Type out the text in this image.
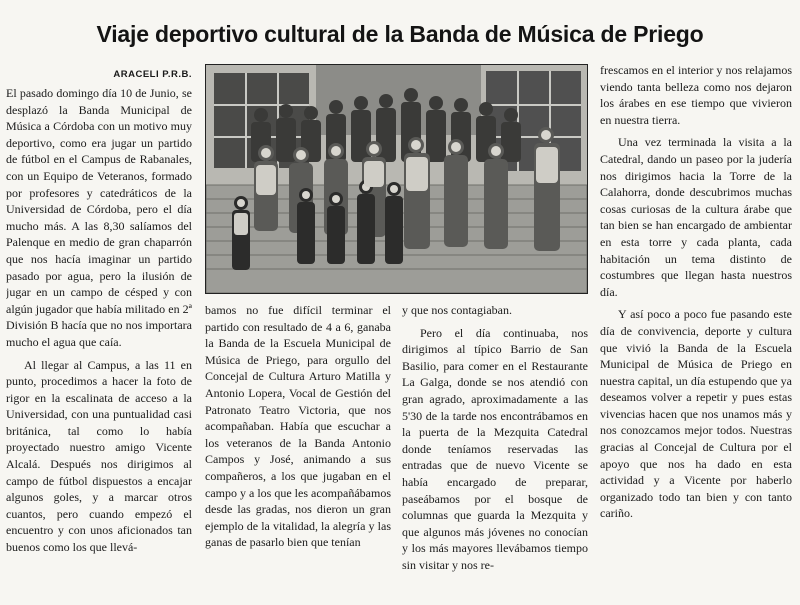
Viaje deportivo cultural de la Banda de Música de Priego
ARACELI P.R.B.

El pasado domingo día 10 de Junio, se desplazó la Banda Municipal de Música a Córdoba con un motivo muy deportivo, como era jugar un partido de fútbol en el Campus de Rabanales, con un Equipo de Veteranos, formado por profesores y catedráticos de la Universidad de Córdoba, pero el día mucho más. A las 8,30 salíamos del Palenque en medio de gran chaparrón que nos hacía imaginar un partido pasado por agua, pero la ilusión de jugar en un campo de césped y con algún jugador que había militado en 2ª División B hacía que no nos importara mucho el agua que caía.

Al llegar al Campus, a las 11 en punto, procedimos a hacer la foto de rigor en la escalinata de acceso a la Universidad, con una puntualidad casi británica, tal como lo había proyectado nuestro amigo Vicente Alcalá. Después nos dirigimos al campo de fútbol dispuestos a encajar algunos goles, y a marcar otros cuantos, pero cuando empezó el encuentro y con unos aficionados tan buenos como los que llevá-

bamos no fue difícil terminar el partido con resultado de 4 a 6, ganaba la Banda de la Escuela Municipal de Música de Priego, para orgullo del Concejal de Cultura Arturo Matilla y Antonio Lopera, Vocal de Gestión del Patronato Teatro Victoria, que nos acompañaban. Había que escuchar a los veteranos de la Banda Antonio Campos y José, animando a sus compañeros, a los que jugaban en el campo y a los que les acompañábamos desde las gradas, nos dieron un gran ejemplo de la vitalidad, la alegría y las ganas de pasarlo bien que tenían

y que nos contagiaban.

Pero el día continuaba, nos dirigimos al típico Barrio de San Basilio, para comer en el Restaurante La Galga, donde se nos atendió con gran agrado, aproximadamente a las 5'30 de la tarde nos encontrábamos en la puerta de la Mezquita Catedral donde teníamos reservadas las entradas que de nuevo Vicente se había encargado de preparar, paseábamos por el bosque de columnas que guarda la Mezquita y que algunos más jóvenes no conocían y los más mayores llevábamos tiempo sin visitar y nos re-

frescamos en el interior y nos relajamos viendo tanta belleza como nos dejaron los árabes en ese tiempo que vivieron en nuestra tierra.

Una vez terminada la visita a la Catedral, dando un paseo por la judería nos dirigimos hacia la Torre de la Calahorra, donde descubrimos muchas cosas curiosas de la cultura árabe que tan bien se han encargado de ambientar en esta torre y cada planta, cada habitación un tema distinto de costumbres que llegan hasta nuestros día.

Y así poco a poco fue pasando este día de convivencia, deporte y cultura que vivió la Banda de la Escuela Municipal de Música de Priego en nuestra capital, un día estupendo que ya deseamos volver a repetir y pues estas vivencias hacen que nos unamos más y nos conozcamos mejor todos. Nuestras gracias al Concejal de Cultura por el apoyo que nos ha dado en esta actividad y a Vicente por haberlo organizado todo tan bien y con tanto cariño.
